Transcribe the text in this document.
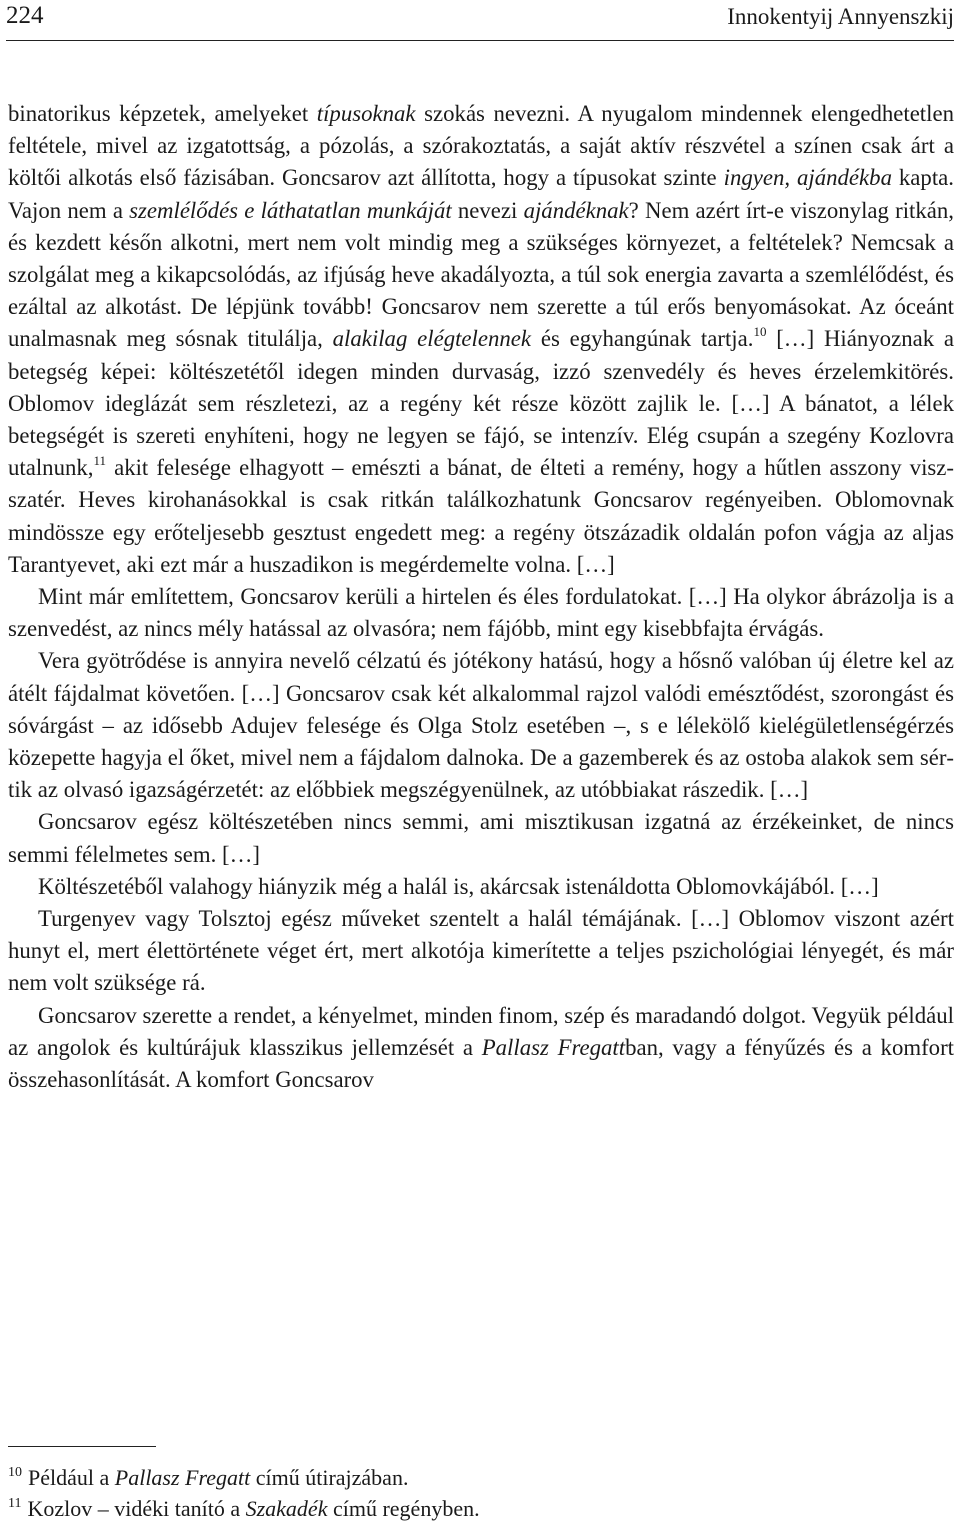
224	Innokentyij Annyenszkij

binatorikus képzetek, amelyeket típusoknak szokás nevezni. A nyugalom mindennek elengedhetetlen feltétele, mivel az izgatottság, a pózolás, a szórakoztatás, a saját aktív részvétel a színen csak árt a költői alkotás első fázisában. Goncsarov azt állította, hogy a típusokat szinte ingyen, ajándékba kapta. Vajon nem a szemlélődés e láthatatlan munkáját nevezi ajándéknak? Nem azért írt-e viszonylag ritkán, és kezdett későn alkotni, mert nem volt mindig meg a szükséges környezet, a feltételek? Nemcsak a szolgálat meg a kikapcsolódás, az ifjúság heve akadályozta, a túl sok energia zavarta a szemlélődést, és ezáltal az alkotást. De lépjünk tovább! Goncsarov nem szerette a túl erős benyomásokat. Az óceánt unalmasnak meg sósnak titulálja, alakilag elégtelennek és egyhangúnak tartja.$^{10}$ […] Hiányoznak a betegség képei: költészetétől idegen minden durvaság, izzó szenvedély és heves érzelemkitörés. Oblomov ideglázát sem részletezi, az a regény két része között zajlik le. […] A bánatot, a lélek betegségét is szereti enyhíteni, hogy ne legyen se fájó, se intenzív. Elég csupán a szegény Kozlovra utalnunk,$^{11}$ akit felesége elhagyott – emészti a bánat, de élteti a remény, hogy a hűtlen asszony viszszatér. Heves kirohanásokkal is csak ritkán találkozhatunk Goncsarov regényeiben. Oblomovnak mindössze egy erőteljesebb gesztust engedett meg: a regény ötszázadik oldalán pofon vágja az aljas Tarantyevet, aki ezt már a huszadikon is megérdemelte volna. […]

Mint már említettem, Goncsarov kerüli a hirtelen és éles fordulatokat. […] Ha olykor ábrázolja is a szenvedést, az nincs mély hatással az olvasóra; nem fájóbb, mint egy kisebbfajta érvágás.

Vera gyötrődése is annyira nevelő célzatú és jótékony hatású, hogy a hősnő valóban új életre kel az átélt fájdalmat követően. […] Goncsarov csak két alkalommal rajzol valódi emésztődést, szorongást és sóvárgást – az idősebb Adujev felesége és Olga Stolz esetében –, s e lélekölő kielégületlenségérzés közepette hagyja el őket, mivel nem a fájdalom dalnoka. De a gazemberek és az ostoba alakok sem sértik az olvasó igazságérzetét: az előbbiek megszégyenülnek, az utóbbiakat rászedik. […]

Goncsarov egész költészetében nincs semmi, ami misztikusan izgatná az érzékeinket, de nincs semmi félelmetes sem. […]

Költészetéből valahogy hiányzik még a halál is, akárcsak istenáldotta Oblomovkájából. […]

Turgenyev vagy Tolsztoj egész műveket szentelt a halál témájának. […] Oblomov viszont azért hunyt el, mert élettörténete véget ért, mert alkotója kimerítette a teljes pszichológiai lényegét, és már nem volt szüksége rá.

Goncsarov szerette a rendet, a kényelmet, minden finom, szép és maradandó dolgot. Vegyük például az angolok és kultúrájuk klasszikus jellemzését a Pallasz Fregattban, vagy a fényűzés és a komfort összehasonlítását. A komfort Goncsarov

$^{10}$ Például a Pallasz Fregatt című útirajzában.

$^{11}$ Kozlov – vidéki tanító a Szakadék című regényben.
